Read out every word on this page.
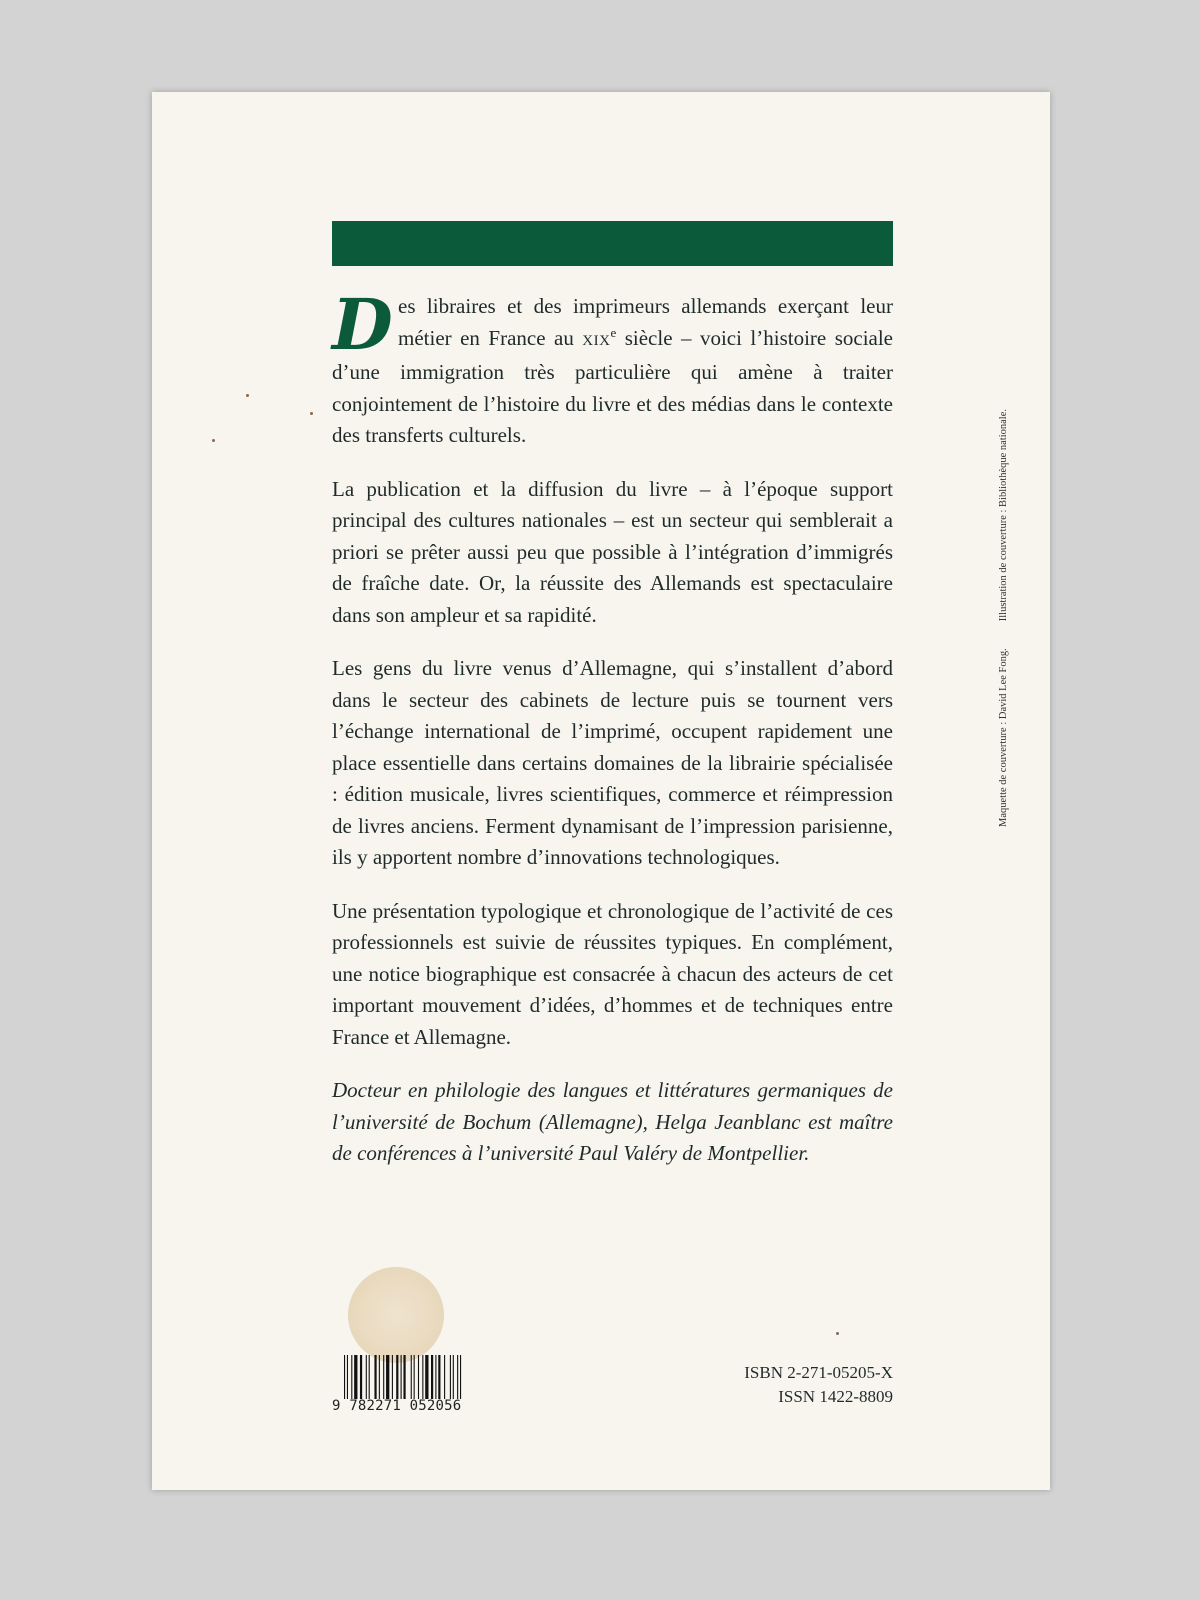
Des libraires et des imprimeurs allemands exerçant leur métier en France au XIXe siècle – voici l’histoire sociale d’une immigration très particulière qui amène à traiter conjointement de l’histoire du livre et des médias dans le contexte des transferts culturels.

La publication et la diffusion du livre – à l’époque support principal des cultures nationales – est un secteur qui semblerait a priori se prêter aussi peu que possible à l’intégration d’immigrés de fraîche date. Or, la réussite des Allemands est spectaculaire dans son ampleur et sa rapidité.

Les gens du livre venus d’Allemagne, qui s’installent d’abord dans le secteur des cabinets de lecture puis se tournent vers l’échange international de l’imprimé, occupent rapidement une place essentielle dans certains domaines de la librairie spécialisée : édition musicale, livres scientifiques, commerce et réimpression de livres anciens. Ferment dynamisant de l’impression parisienne, ils y apportent nombre d’innovations technologiques.

Une présentation typologique et chronologique de l’activité de ces professionnels est suivie de réussites typiques. En complément, une notice biographique est consacrée à chacun des acteurs de cet important mouvement d’idées, d’hommes et de techniques entre France et Allemagne.

Docteur en philologie des langues et littératures germaniques de l’université de Bochum (Allemagne), Helga Jeanblanc est maître de conférences à l’université Paul Valéry de Montpellier.

9 782271 052056
ISBN 2-271-05205-X
ISSN 1422-8809
Maquette de couverture : David Lee Fong.Illustration de couverture : Bibliothèque nationale.
